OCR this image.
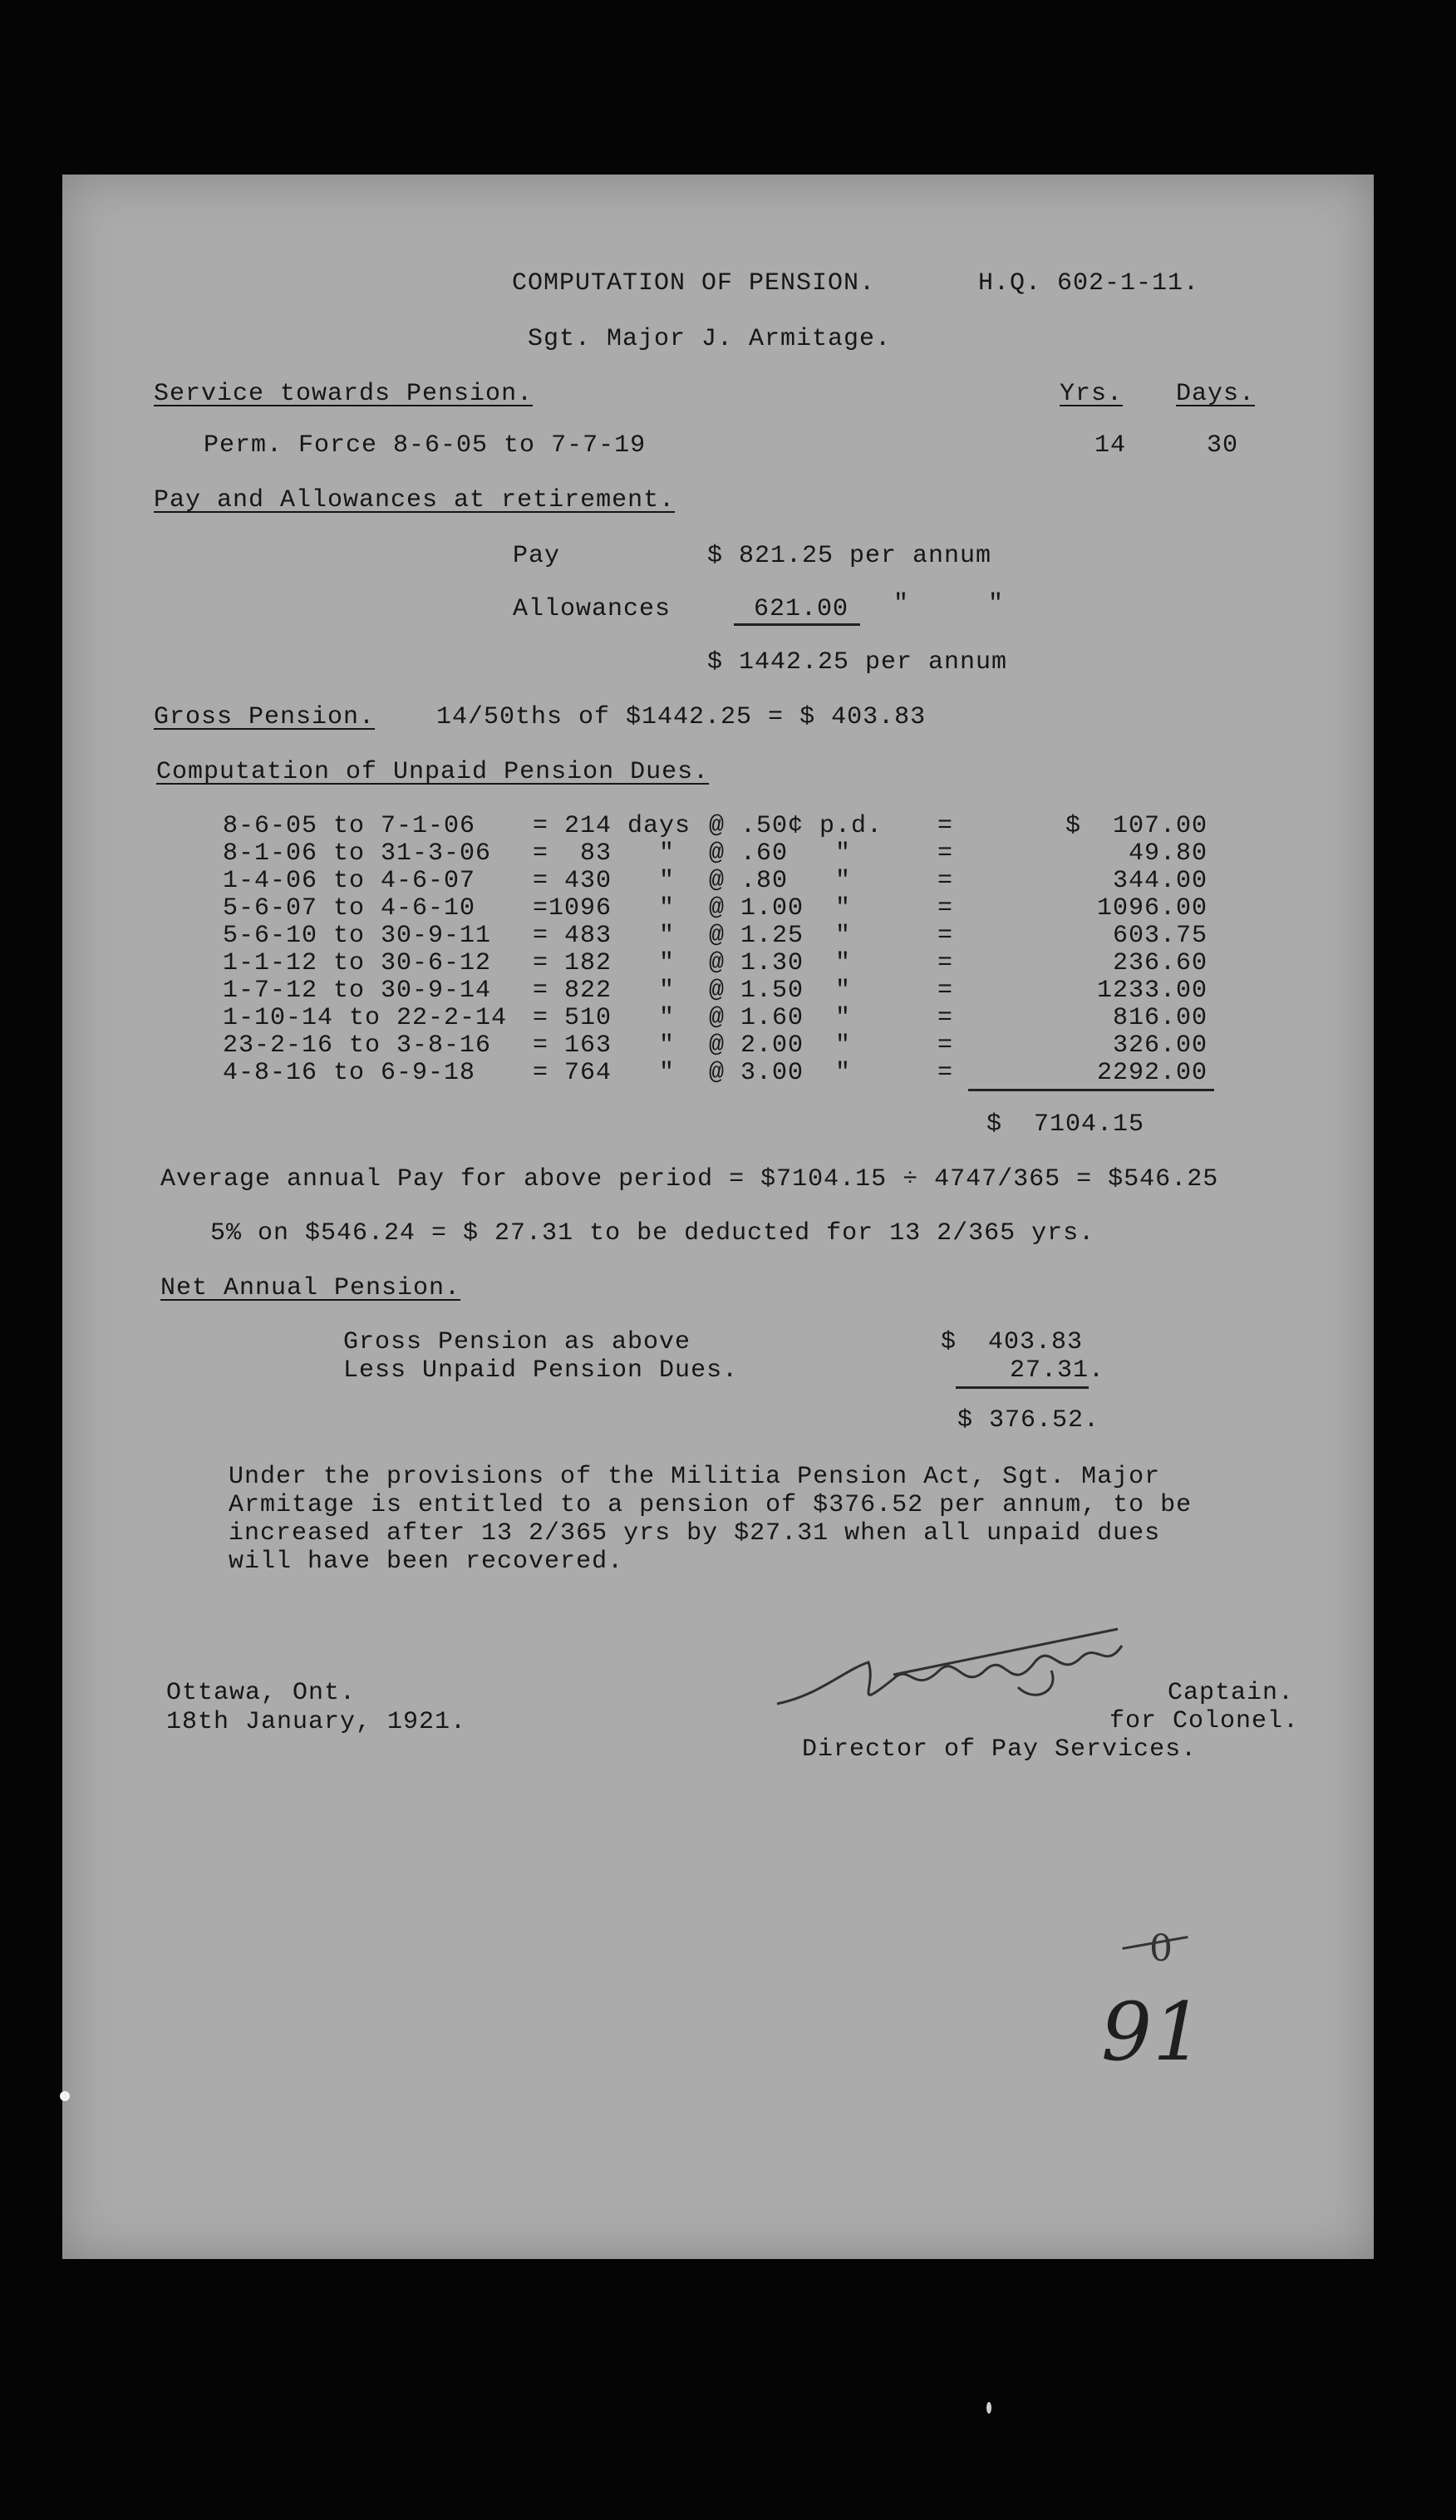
COMPUTATION OF PENSION.	H.Q. 602-1-11.
Sgt. Major J. Armitage.
Service towards Pension.	Yrs. Days.
Perm. Force 8-6-05 to 7-7-19	14	30
Pay and Allowances at retirement.
Pay	$ 821.25 per annum
Allowances	621.00 "     "
$ 1442.25 per annum
Gross Pension. 14/50ths of $1442.25 = $ 403.83
Computation of Unpaid Pension Dues.
8-6-05 to 7-1-06 = 214 days @ .50¢ p.d. =	$  107.00
8-1-06 to 31-3-06 =  83   " @ .60   "	=	49.80
1-4-06 to 4-6-07 = 430   " @ .80   "	=	344.00
5-6-07 to 4-6-10 =1096   " @ 1.00  "	=	1096.00
5-6-10 to 30-9-11 = 483   " @ 1.25  "	=	603.75
1-1-12 to 30-6-12 = 182   " @ 1.30  "	=	236.60
1-7-12 to 30-9-14 = 822   " @ 1.50  "	=	1233.00
1-10-14 to 22-2-14 = 510   " @ 1.60  "	=	816.00
23-2-16 to 3-8-16 = 163   " @ 2.00  "	=	326.00
4-8-16 to 6-9-18 = 764   " @ 3.00  "	=	2292.00
$  7104.15
Average annual Pay for above period = $7104.15 ÷ 4747/365 = $546.25
5% on $546.24 = $ 27.31 to be deducted for 13 2/365 yrs.
Net Annual Pension.
Gross Pension as above	$  403.83
Less Unpaid Pension Dues.	27.31.
$ 376.52.
Under the provisions of the Militia Pension Act, Sgt. Major
Armitage is entitled to a pension of $376.52 per annum, to be
increased after 13 2/365 yrs by $27.31 when all unpaid dues
will have been recovered.
Ottawa, Ont.
18th January, 1921.
Captain.
for Colonel.
Director of Pay Services.
0
91
